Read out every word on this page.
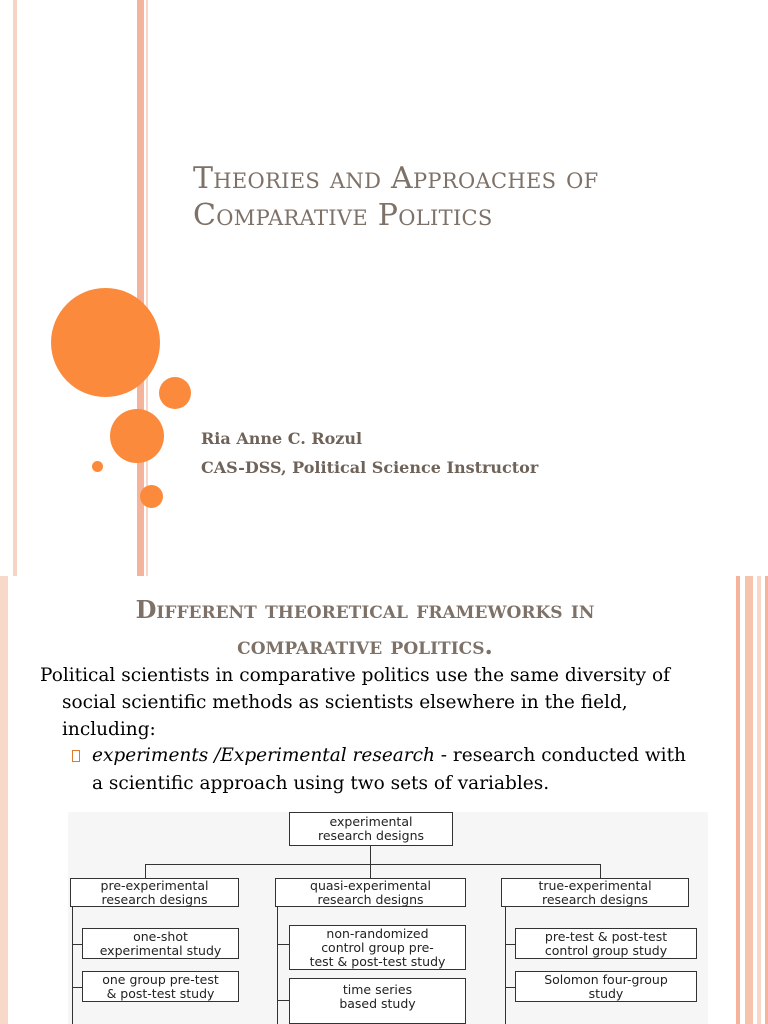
Theories and Approaches of
Comparative Politics
Ria Anne C. Rozul
CAS-DSS, Political Science Instructor
Different theoretical frameworks in
comparative politics.
Political scientists in comparative politics use the same diversity of
social scientific methods as scientists elsewhere in the field,
including:
experiments /Experimental research - research conducted with
a scientific approach using two sets of variables.
experimental
research designs
pre-experimental
research designs
quasi-experimental
research designs
true-experimental
research designs
one-shot
experimental study
one group pre-test
& post-test study
non-randomized
control group pre-
test & post-test study
time series
based study
pre-test & post-test
control group study
Solomon four-group
study
